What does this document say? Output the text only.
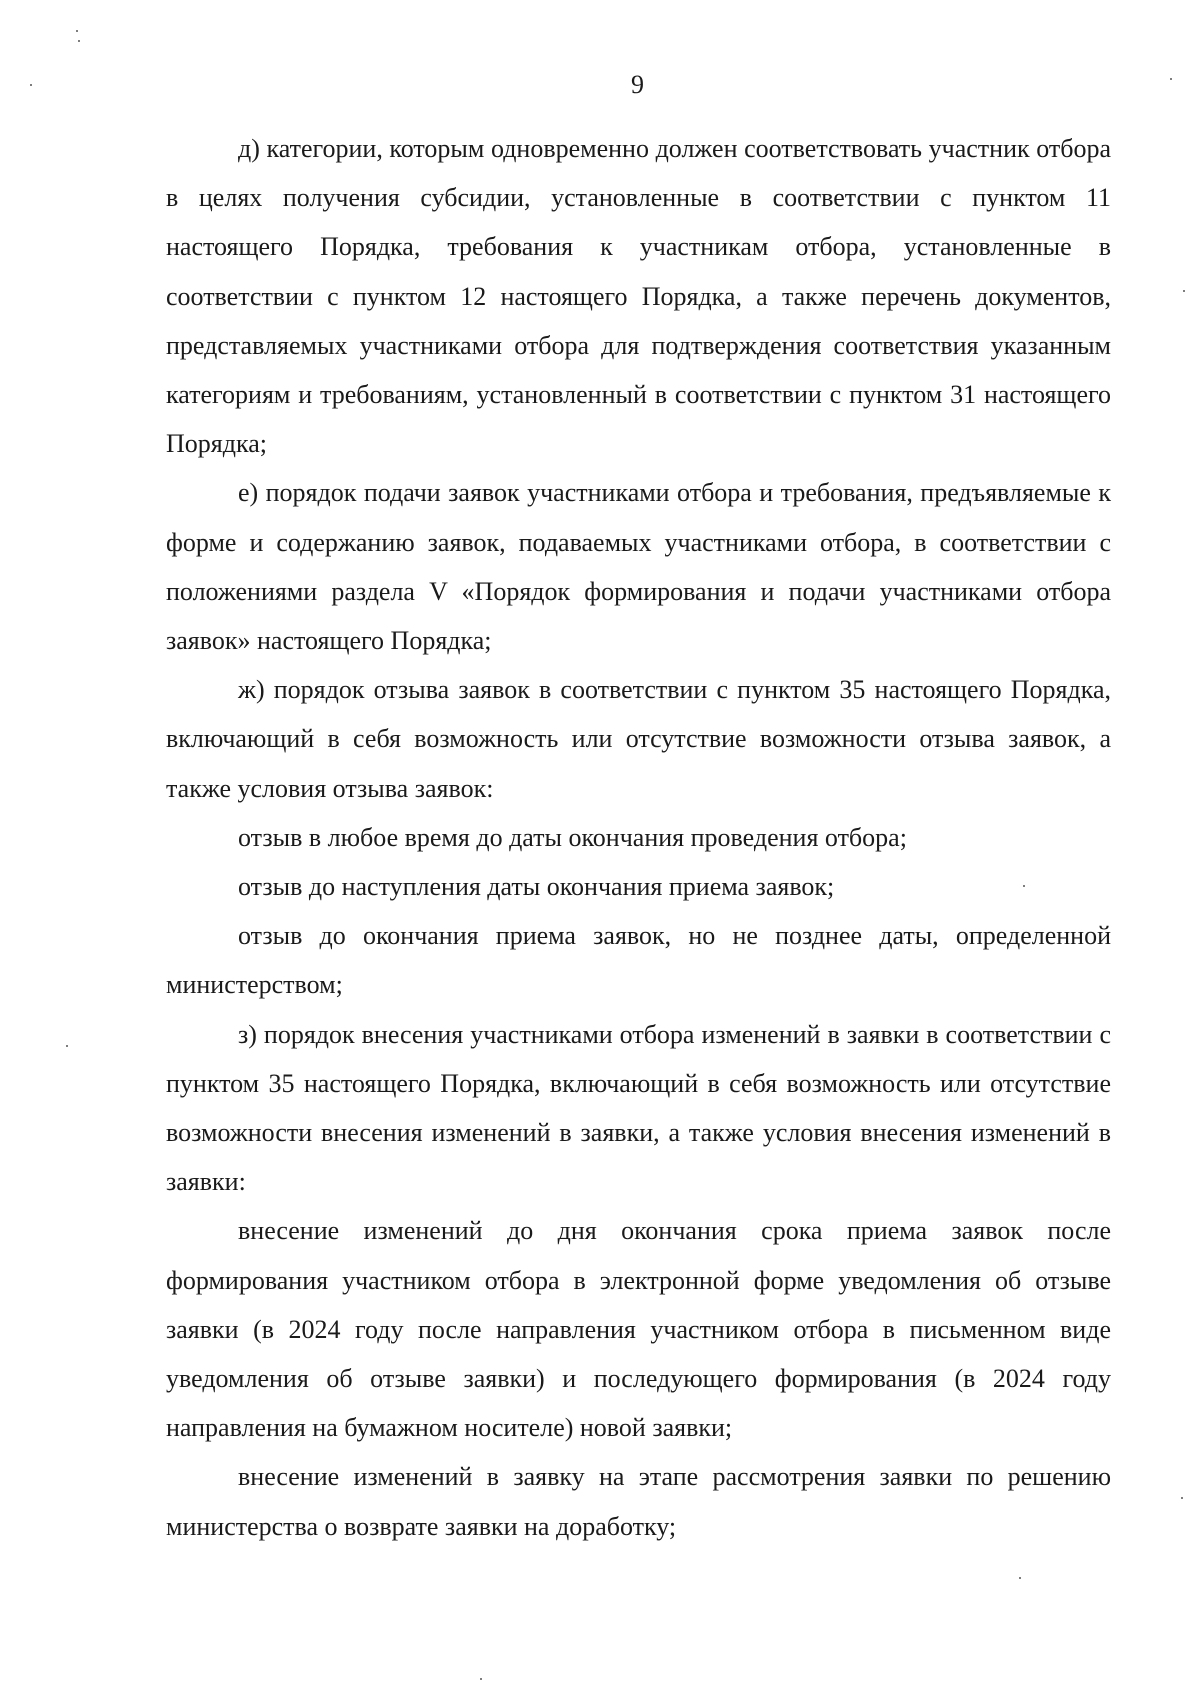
9

д) категории, которым одновременно должен соответствовать участник отбора в целях получения субсидии, установленные в соответствии с пунктом 11 настоящего Порядка, требования к участникам отбора, установленные в соответствии с пунктом 12 настоящего Порядка, а также перечень документов, представляемых участниками отбора для подтверждения соответствия указанным категориям и требованиям, установленный в соответствии с пунктом 31 настоящего Порядка;

е) порядок подачи заявок участниками отбора и требования, предъявляемые к форме и содержанию заявок, подаваемых участниками отбора, в соответствии с положениями раздела V «Порядок формирования и подачи участниками отбора заявок» настоящего Порядка;

ж) порядок отзыва заявок в соответствии с пунктом 35 настоящего Порядка, включающий в себя возможность или отсутствие возможности отзыва заявок, а также условия отзыва заявок:

отзыв в любое время до даты окончания проведения отбора;

отзыв до наступления даты окончания приема заявок;

отзыв до окончания приема заявок, но не позднее даты, определенной министерством;

з) порядок внесения участниками отбора изменений в заявки в соответствии с пунктом 35 настоящего Порядка, включающий в себя возможность или отсутствие возможности внесения изменений в заявки, а также условия внесения изменений в заявки:

внесение изменений до дня окончания срока приема заявок после формирования участником отбора в электронной форме уведомления об отзыве заявки (в 2024 году после направления участником отбора в письменном виде уведомления об отзыве заявки) и последующего формирования (в 2024 году направления на бумажном носителе) новой заявки;

внесение изменений в заявку на этапе рассмотрения заявки по решению министерства о возврате заявки на доработку;
